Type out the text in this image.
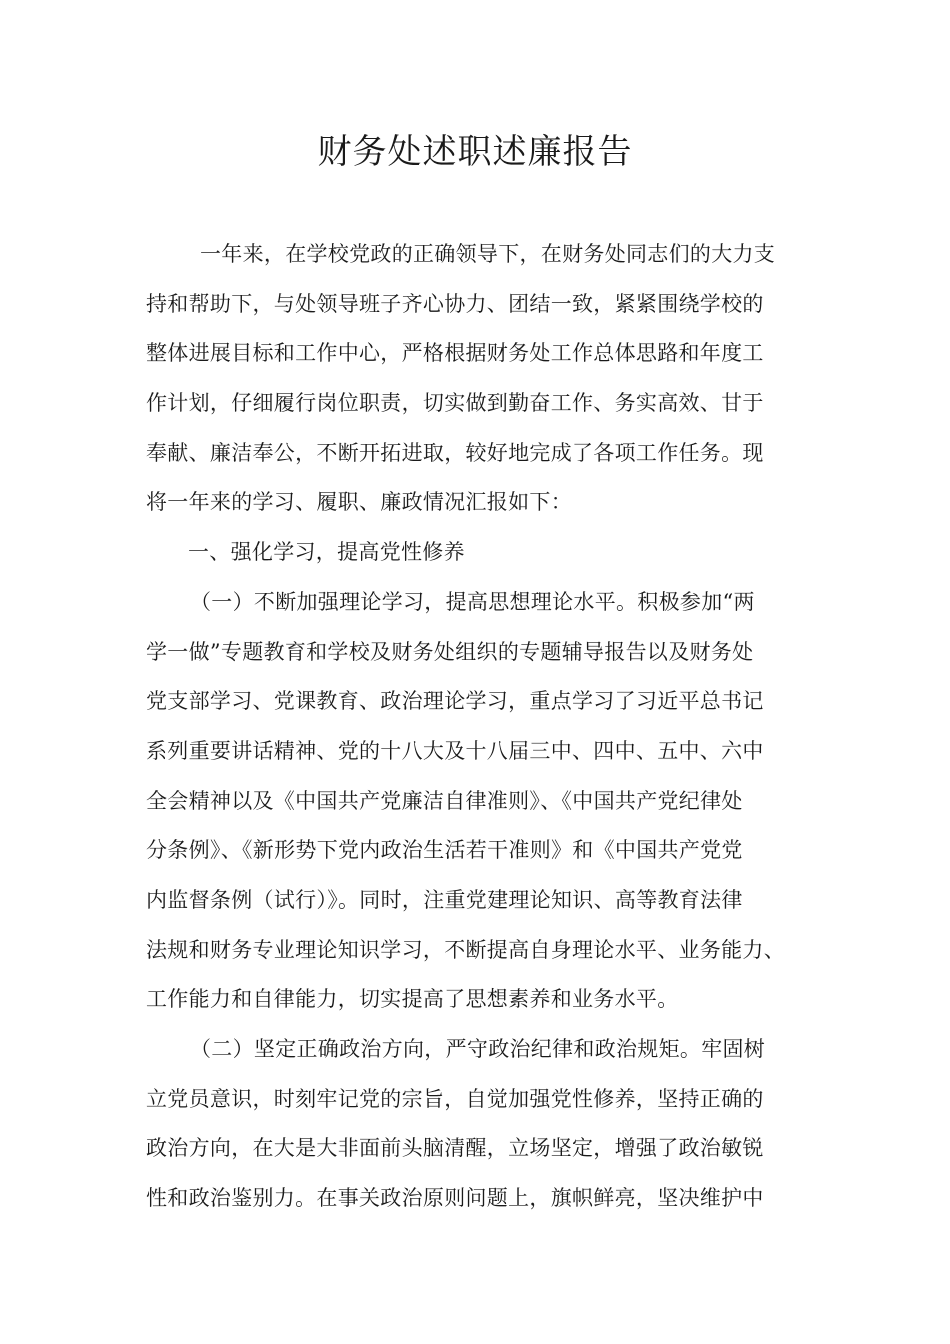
财务处述职述廉报告
一年来，在学校党政的正确领导下，在财务处同志们的大力支
持和帮助下，与处领导班子齐心协力、团结一致，紧紧围绕学校的
整体进展目标和工作中心，严格根据财务处工作总体思路和年度工
作计划，仔细履行岗位职责，切实做到勤奋工作、务实高效、甘于
奉献、廉洁奉公，不断开拓进取，较好地完成了各项工作任务。现
将一年来的学习、履职、廉政情况汇报如下：
一、强化学习，提高党性修养
（一）不断加强理论学习，提高思想理论水平。积极参加“两
学一做”专题教育和学校及财务处组织的专题辅导报告以及财务处
党支部学习、党课教育、政治理论学习，重点学习了习近平总书记
系列重要讲话精神、党的十八大及十八届三中、四中、五中、六中
全会精神以及《中国共产党廉洁自律准则》、《中国共产党纪律处
分条例》、《新形势下党内政治生活若干准则》和《中国共产党党
内监督条例（试行）》。同时，注重党建理论知识、高等教育法律
法规和财务专业理论知识学习，不断提高自身理论水平、业务能力、
工作能力和自律能力，切实提高了思想素养和业务水平。
（二）坚定正确政治方向，严守政治纪律和政治规矩。牢固树
立党员意识，时刻牢记党的宗旨，自觉加强党性修养，坚持正确的
政治方向，在大是大非面前头脑清醒，立场坚定，增强了政治敏锐
性和政治鉴别力。在事关政治原则问题上，旗帜鲜亮，坚决维护中
